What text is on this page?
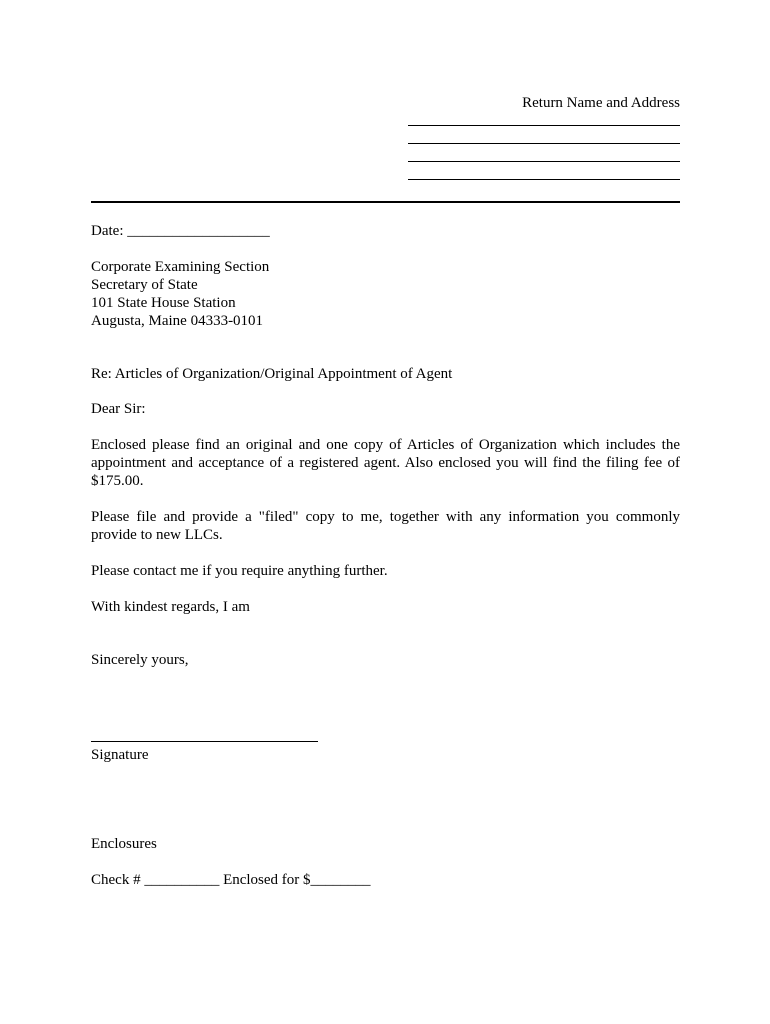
Return Name and Address
Date: ___________________
Corporate Examining Section
Secretary of State
101 State House Station
Augusta, Maine 04333-0101
Re: Articles of Organization/Original Appointment of Agent
Dear Sir:
Enclosed please find an original and one copy of Articles of Organization which includes the appointment and acceptance of a registered agent. Also enclosed you will find the filing fee of $175.00.
Please file and provide a "filed" copy to me, together with any information you commonly provide to new LLCs.
Please contact me if you require anything further.
With kindest regards, I am
Sincerely yours,
Signature
Enclosures
Check # __________ Enclosed for $________
